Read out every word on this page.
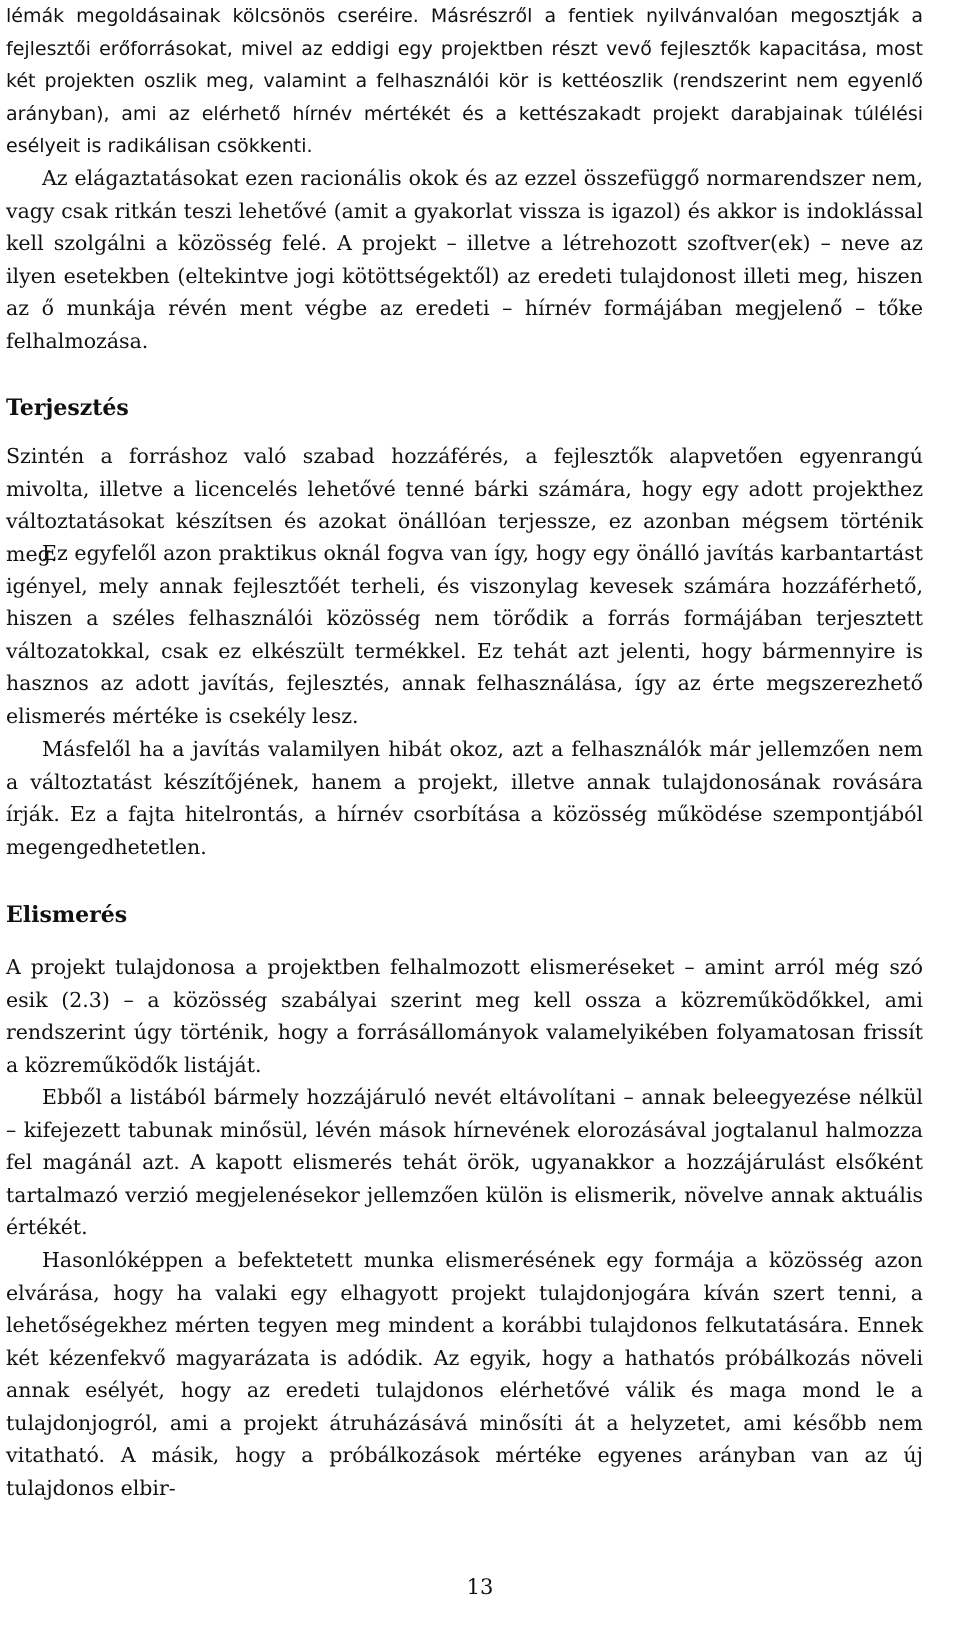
lémák megoldásainak kölcsönös cseréire. Másrészről a fentiek nyilvánvalóan megosztják a fejlesztői erőforrásokat, mivel az eddigi egy projektben részt vevő fejlesztők kapacitása, most két projekten oszlik meg, valamint a felhasználói kör is kettéoszlik (rendszerint nem egyenlő arányban), ami az elérhető hírnév mértékét és a kettészakadt projekt darabjainak túlélési esélyeit is radikálisan csökkenti.

Az elágaztatásokat ezen racionális okok és az ezzel összefüggő normarendszer nem, vagy csak ritkán teszi lehetővé (amit a gyakorlat vissza is igazol) és akkor is indoklással kell szolgálni a közösség felé. A projekt – illetve a létrehozott szoftver(ek) – neve az ilyen esetekben (eltekintve jogi kötöttségektől) az eredeti tulajdonost illeti meg, hiszen az ő munkája révén ment végbe az eredeti – hírnév formájában megjelenő – tőke felhalmozása.

Terjesztés

Szintén a forráshoz való szabad hozzáférés, a fejlesztők alapvetően egyenrangú mivolta, illetve a licencelés lehetővé tenné bárki számára, hogy egy adott projekthez változtatásokat készítsen és azokat önállóan terjessze, ez azonban mégsem történik meg.

Ez egyfelől azon praktikus oknál fogva van így, hogy egy önálló javítás karbantartást igényel, mely annak fejlesztőét terheli, és viszonylag kevesek számára hozzáférhető, hiszen a széles felhasználói közösség nem törődik a forrás formájában terjesztett változatokkal, csak ez elkészült termékkel. Ez tehát azt jelenti, hogy bármennyire is hasznos az adott javítás, fejlesztés, annak felhasználása, így az érte megszerezhető elismerés mértéke is csekély lesz.

Másfelől ha a javítás valamilyen hibát okoz, azt a felhasználók már jellemzően nem a változtatást készítőjének, hanem a projekt, illetve annak tulajdonosának rovására írják. Ez a fajta hitelrontás, a hírnév csorbítása a közösség működése szempontjából megengedhetetlen.

Elismerés

A projekt tulajdonosa a projektben felhalmozott elismeréseket – amint arról még szó esik (2.3) – a közösség szabályai szerint meg kell ossza a közreműködőkkel, ami rendszerint úgy történik, hogy a forrásállományok valamelyikében folyamatosan frissít a közreműködők listáját.

Ebből a listából bármely hozzájáruló nevét eltávolítani – annak beleegyezése nélkül – kifejezett tabunak minősül, lévén mások hírnevének elorozásával jogtalanul halmozza fel magánál azt. A kapott elismerés tehát örök, ugyanakkor a hozzájárulást elsőként tartalmazó verzió megjelenésekor jellemzően külön is elismerik, növelve annak aktuális értékét.

Hasonlóképpen a befektetett munka elismerésének egy formája a közösség azon elvárása, hogy ha valaki egy elhagyott projekt tulajdonjogára kíván szert tenni, a lehetőségekhez mérten tegyen meg mindent a korábbi tulajdonos felkutatására. Ennek két kézenfekvő magyarázata is adódik. Az egyik, hogy a hathatós próbálkozás növeli annak esélyét, hogy az eredeti tulajdonos elérhetővé válik és maga mond le a tulajdonjogról, ami a projekt átruházásává minősíti át a helyzetet, ami később nem vitatható. A másik, hogy a próbálkozások mértéke egyenes arányban van az új tulajdonos elbir-

13
